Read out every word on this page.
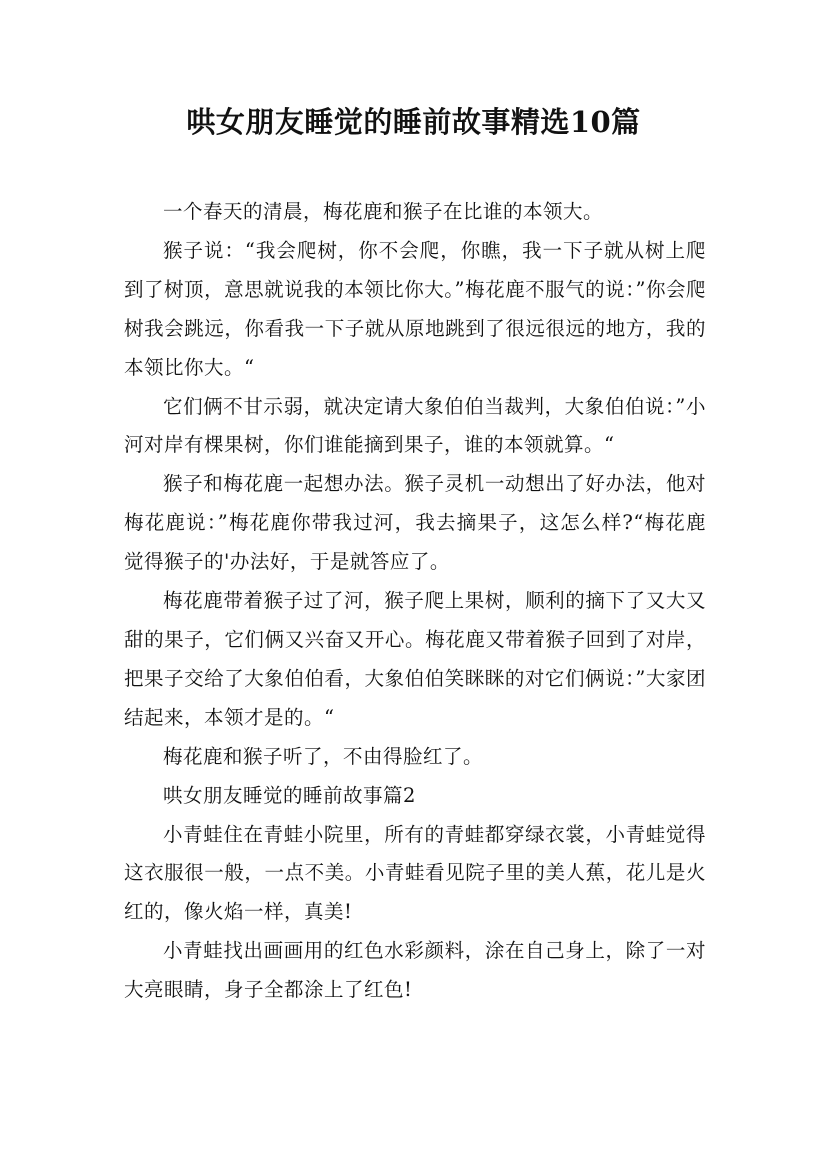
哄女朋友睡觉的睡前故事精选10篇

一个春天的清晨，梅花鹿和猴子在比谁的本领大。

猴子说：“我会爬树，你不会爬，你瞧，我一下子就从树上爬到了树顶，意思就说我的本领比你大。”梅花鹿不服气的说：”你会爬树我会跳远，你看我一下子就从原地跳到了很远很远的地方，我的本领比你大。“

它们俩不甘示弱，就决定请大象伯伯当裁判，大象伯伯说：”小河对岸有棵果树，你们谁能摘到果子，谁的本领就算。“

猴子和梅花鹿一起想办法。猴子灵机一动想出了好办法，他对梅花鹿说：”梅花鹿你带我过河，我去摘果子，这怎么样?“梅花鹿觉得猴子的'办法好，于是就答应了。

梅花鹿带着猴子过了河，猴子爬上果树，顺利的摘下了又大又甜的果子，它们俩又兴奋又开心。梅花鹿又带着猴子回到了对岸，把果子交给了大象伯伯看，大象伯伯笑眯眯的对它们俩说：”大家团结起来，本领才是的。“

梅花鹿和猴子听了，不由得脸红了。

哄女朋友睡觉的睡前故事篇2

小青蛙住在青蛙小院里，所有的青蛙都穿绿衣裳，小青蛙觉得这衣服很一般，一点不美。小青蛙看见院子里的美人蕉，花儿是火红的，像火焰一样，真美!

小青蛙找出画画用的红色水彩颜料，涂在自己身上，除了一对大亮眼睛，身子全都涂上了红色!
